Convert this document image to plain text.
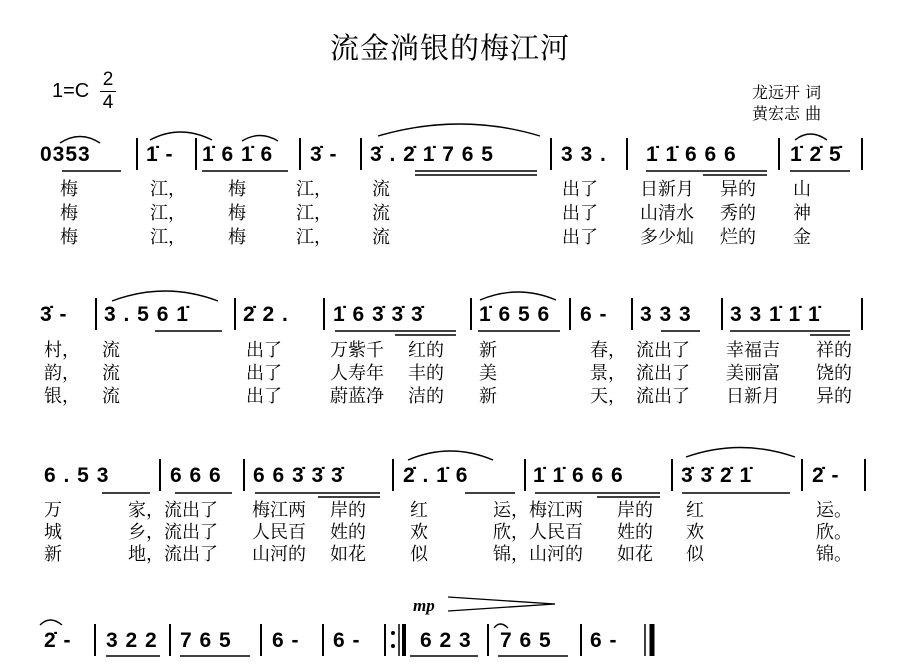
流金淌银的梅江河
1=C
2
4	龙远开 词
黄宏志 曲
mp
0353	1̇ - 1̇ 6 1̇ 6 3̇ - 3̇ . 2̇ 1̇ 7 6 5	3 3 . 1̇ 1̇ 6 6 6	1̇ 2̇ 5̇
梅	江， 梅	江， 流	出了 日新月 异的 山
梅	江， 梅	江， 流	出了 山清水 秀的 神
梅	江， 梅	江， 流	出了 多少灿 烂的 金
3̇ - 3 . 5 6 1̇	2̇ 2 . 1̇ 6 3̇ 3̇ 3̇	1̇ 6 5 6 6 - 3 3 3 3 3 1̇ 1̇ 1̇
村， 流	出了	万紫千 红的 新	春， 流出了 幸福吉 祥的
韵， 流	出了	人寿年 丰的 美	景， 流出了 美丽富 饶的
银， 流	出了	蔚蓝净 洁的 新	天， 流出了 日新月 异的
6 . 5 3	6 6 6 6 6 3̇ 3̇ 3̇	2̇ . 1̇ 6	1̇ 1̇ 6 6 6	3̇ 3̇ 2̇ 1̇	2̇ -
万	家，流出了 梅江两 岸的 红	运，梅江两 岸的 红	运。
城	乡，流出了 人民百 姓的 欢	欣，人民百 姓的 欢	欣。
新	地，流出了 山河的 如花 似	锦，山河的 如花 似	锦。
2̇ - 3 2 2 7 6 5 6 - 6 -	6 2 3 7 6 5 6 -
